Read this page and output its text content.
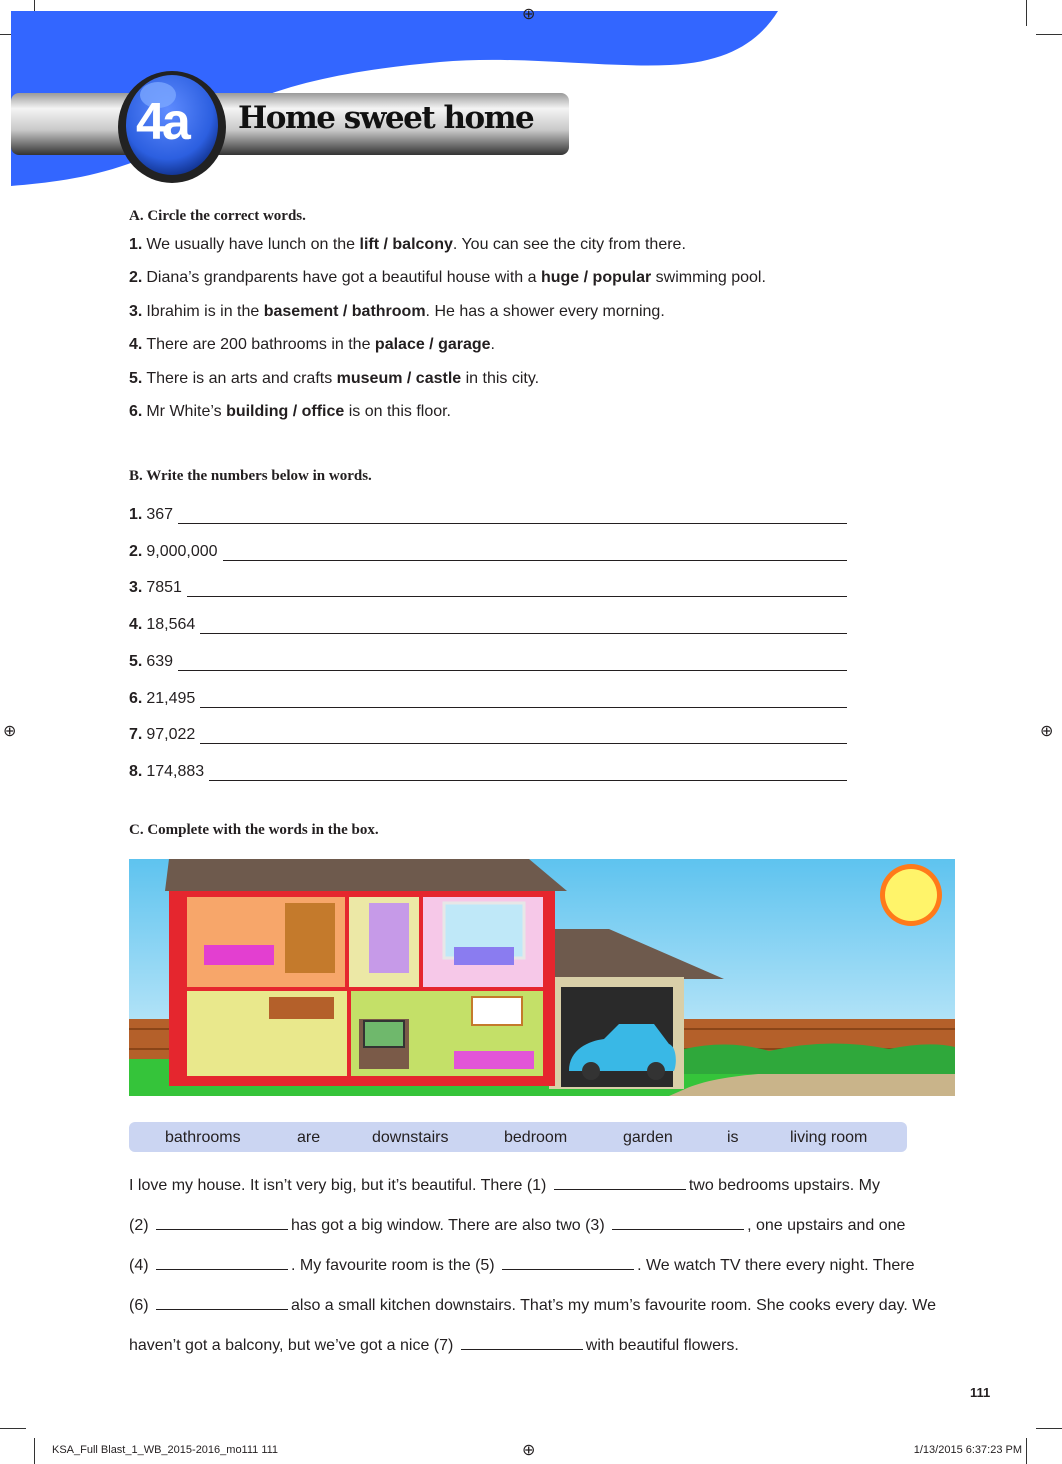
4a Home sweet home
⊕
A. Circle the correct words.
1. We usually have lunch on the lift / balcony. You can see the city from there.
2. Diana’s grandparents have got a beautiful house with a huge / popular swimming pool.
3. Ibrahim is in the basement / bathroom. He has a shower every morning.
4. There are 200 bathrooms in the palace / garage.
5. There is an arts and crafts museum / castle in this city.
6. Mr White’s building / office is on this floor.
B. Write the numbers below in words.
1. 367
2. 9,000,000
3. 7851
4. 18,564
5. 639
6. 21,495
7. 97,022
8. 174,883
C. Complete with the words in the box.
bathrooms	are	downstairs	bedroom	garden	is	living room
I love my house. It isn’t very big, but it’s beautiful. There (1)	two bedrooms upstairs. My
(2)	has got a big window. There are also two (3)	, one upstairs and one
(4)	. My favourite room is the (5)	. We watch TV there every night. There
(6)	also a small kitchen downstairs. That’s my mum’s favourite room. She cooks every day. We
haven’t got a balcony, but we’ve got a nice (7)	with beautiful flowers.
111
KSA_Full Blast_1_WB_2015-2016_mo111 111	⊕
⊕	⊕
1/13/2015 6:37:23 PM
